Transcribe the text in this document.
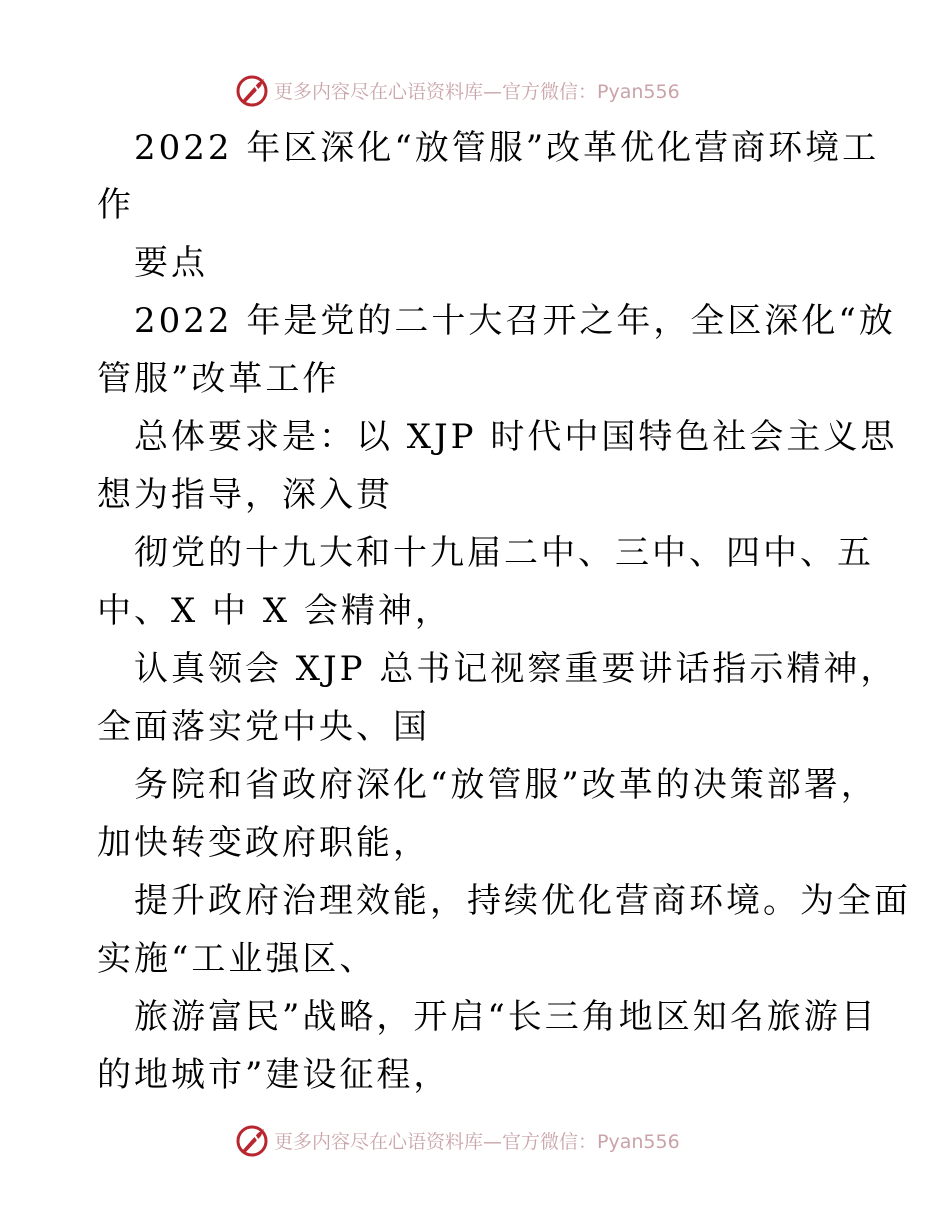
更多内容尽在心语资料库—官方微信：Pyan556
2022 年区深化“放管服”改革优化营商环境工
作
要点
2022 年是党的二十大召开之年，全区深化“放
管服”改革工作
总体要求是：以 XJP 时代中国特色社会主义思
想为指导，深入贯
彻党的十九大和十九届二中、三中、四中、五
中、X 中 X 会精神，
认真领会 XJP 总书记视察重要讲话指示精神，
全面落实党中央、国
务院和省政府深化“放管服”改革的决策部署，
加快转变政府职能，
提升政府治理效能，持续优化营商环境。为全面
实施“工业强区、
旅游富民”战略，开启“长三角地区知名旅游目
的地城市”建设征程，
更多内容尽在心语资料库—官方微信：Pyan556
